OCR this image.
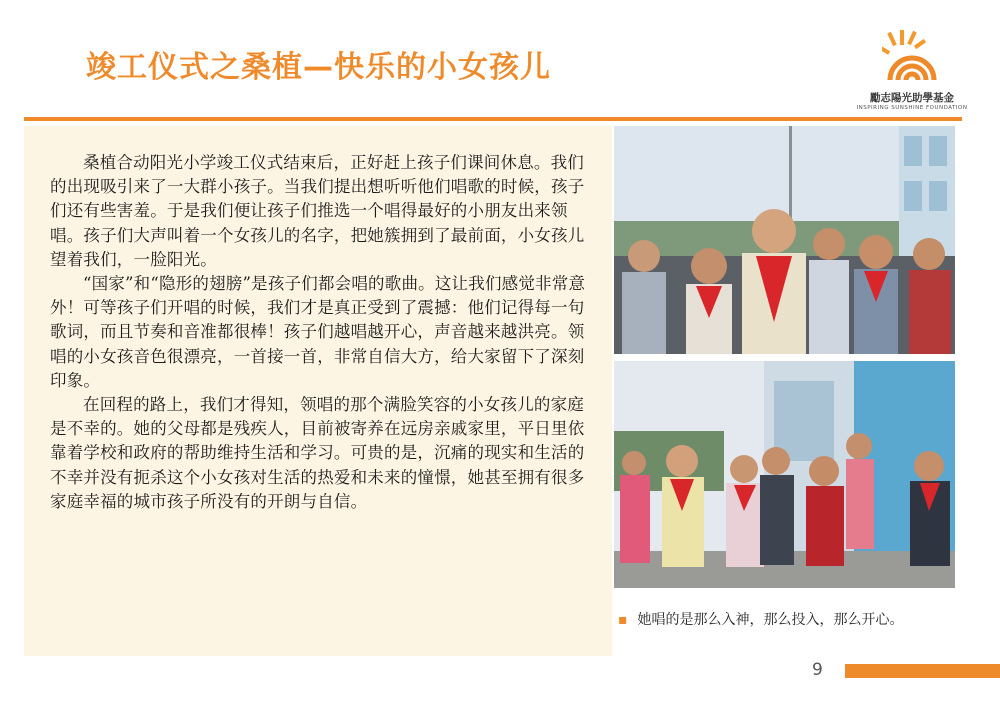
竣工仪式之桑植—快乐的小女孩儿
勵志陽光助學基金
INSPIRING SUNSHINE FOUNDATION

桑植合动阳光小学竣工仪式结束后，正好赶上孩子们课间休息。我们的出现吸引来了一大群小孩子。当我们提出想听听他们唱歌的时候，孩子们还有些害羞。于是我们便让孩子们推选一个唱得最好的小朋友出来领唱。孩子们大声叫着一个女孩儿的名字，把她簇拥到了最前面，小女孩儿望着我们，一脸阳光。

“国家”和“隐形的翅膀”是孩子们都会唱的歌曲。这让我们感觉非常意外！可等孩子们开唱的时候，我们才是真正受到了震撼：他们记得每一句歌词，而且节奏和音准都很棒！孩子们越唱越开心，声音越来越洪亮。领唱的小女孩音色很漂亮，一首接一首，非常自信大方，给大家留下了深刻印象。

在回程的路上，我们才得知，领唱的那个满脸笑容的小女孩儿的家庭是不幸的。她的父母都是残疾人，目前被寄养在远房亲戚家里，平日里依靠着学校和政府的帮助维持生活和学习。可贵的是，沉痛的现实和生活的不幸并没有扼杀这个小女孩对生活的热爱和未来的憧憬，她甚至拥有很多家庭幸福的城市孩子所没有的开朗与自信。

▪ 她唱的是那么入神，那么投入，那么开心。
9
